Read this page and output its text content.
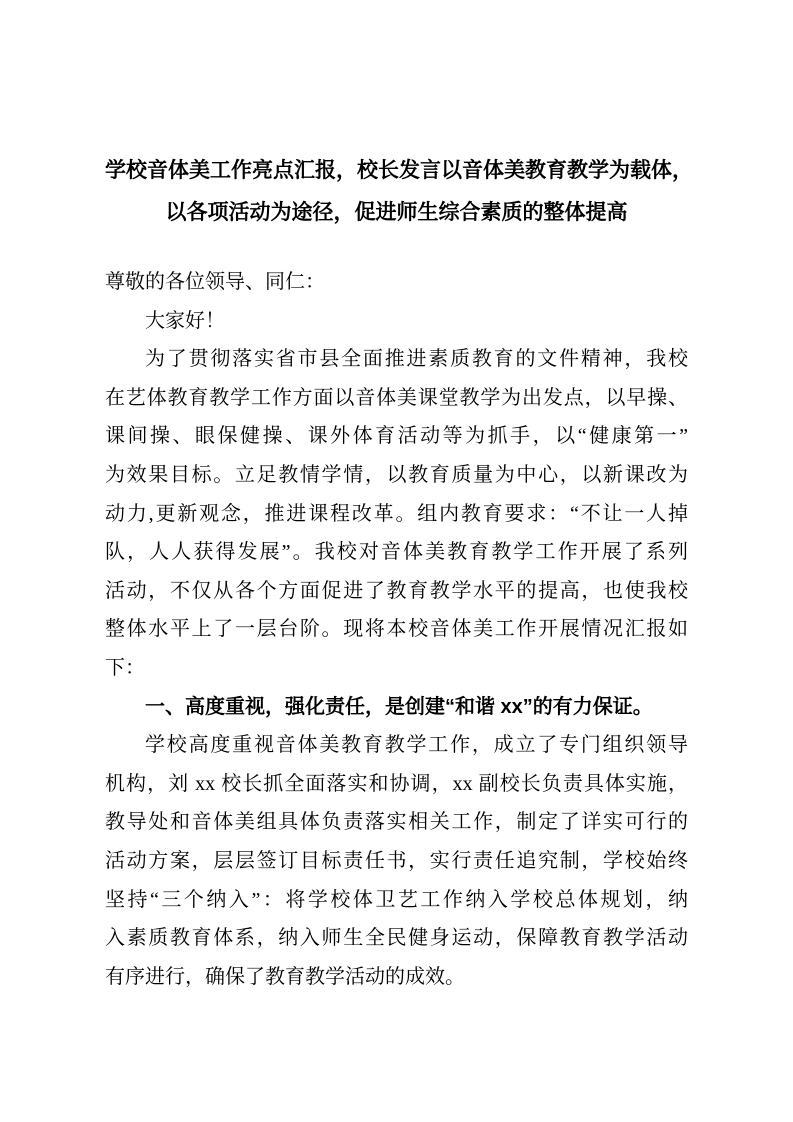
学校音体美工作亮点汇报，校长发言以音体美教育教学为载体，
以各项活动为途径，促进师生综合素质的整体提高
尊敬的各位领导、同仁：
大家好！
为了贯彻落实省市县全面推进素质教育的文件精神，我校
在艺体教育教学工作方面以音体美课堂教学为出发点，以早操、
课间操、眼保健操、课外体育活动等为抓手，以“健康第一”
为效果目标。立足教情学情，以教育质量为中心，以新课改为
动力,更新观念，推进课程改革。组内教育要求：“不让一人掉
队，人人获得发展”。我校对音体美教育教学工作开展了系列
活动，不仅从各个方面促进了教育教学水平的提高，也使我校
整体水平上了一层台阶。现将本校音体美工作开展情况汇报如
下：
一、高度重视，强化责任，是创建“和谐 xx”的有力保证。
学校高度重视音体美教育教学工作，成立了专门组织领导
机构，刘 xx 校长抓全面落实和协调，xx 副校长负责具体实施，
教导处和音体美组具体负责落实相关工作，制定了详实可行的
活动方案，层层签订目标责任书，实行责任追究制，学校始终
坚持“三个纳入”：将学校体卫艺工作纳入学校总体规划，纳
入素质教育体系，纳入师生全民健身运动，保障教育教学活动
有序进行，确保了教育教学活动的成效。
